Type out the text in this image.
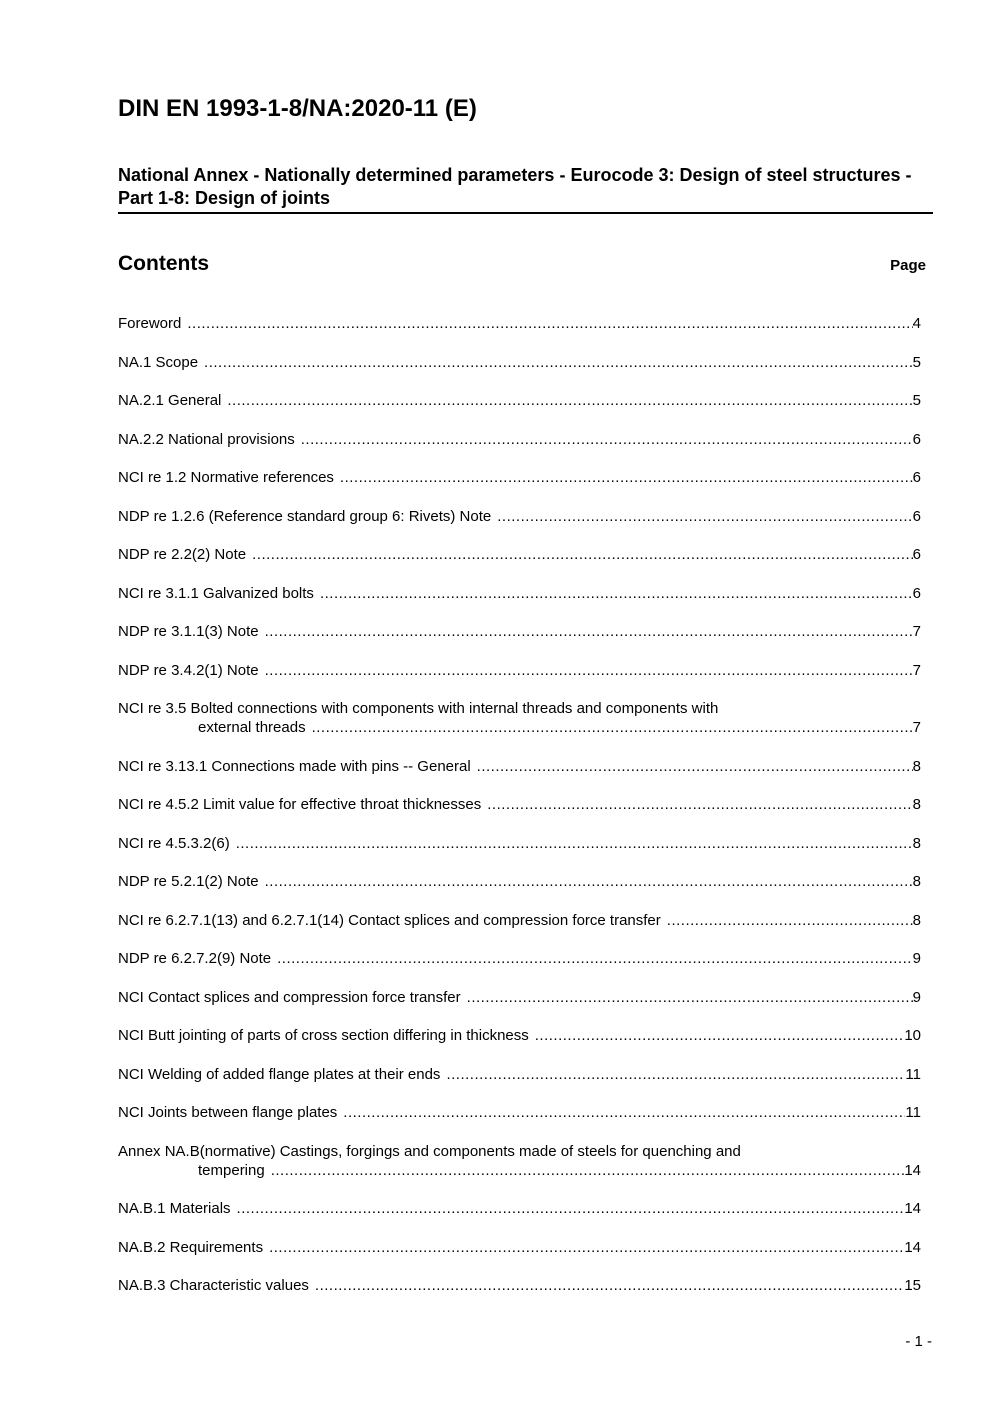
DIN EN 1993-1-8/NA:2020-11 (E)
National Annex - Nationally determined parameters - Eurocode 3: Design of steel structures - Part 1-8: Design of joints
Contents	Page
Foreword .....	4
NA.1 Scope .....	5
NA.2.1 General .....	5
NA.2.2 National provisions .....	6
NCI re 1.2 Normative references .....	6
NDP re 1.2.6 (Reference standard group 6: Rivets) Note .....	6
NDP re 2.2(2) Note .....	6
NCI re 3.1.1 Galvanized bolts .....	6
NDP re 3.1.1(3) Note .....	7
NDP re 3.4.2(1) Note .....	7
NCI re 3.5 Bolted connections with components with internal threads and components with
external threads .....	7
NCI re 3.13.1 Connections made with pins -- General .....	8
NCI re 4.5.2 Limit value for effective throat thicknesses .....	8
NCI re 4.5.3.2(6) .....	8
NDP re 5.2.1(2) Note .....	8
NCI re 6.2.7.1(13) and 6.2.7.1(14) Contact splices and compression force transfer .....	8
NDP re 6.2.7.2(9) Note .....	9
NCI Contact splices and compression force transfer .....	9
NCI Butt jointing of parts of cross section differing in thickness .....	10
NCI Welding of added flange plates at their ends .....	11
NCI Joints between flange plates .....	11
Annex NA.B(normative) Castings, forgings and components made of steels for quenching and
tempering .....	14
NA.B.1 Materials .....	14
NA.B.2 Requirements .....	14
NA.B.3 Characteristic values .....	15
- 1 -
